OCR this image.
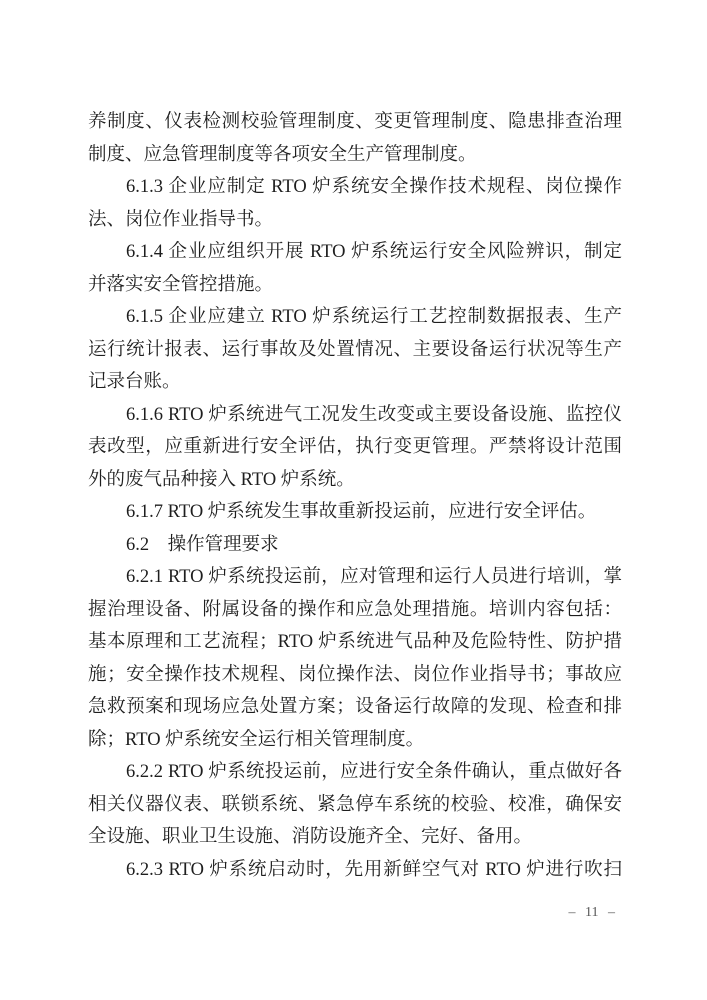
养制度、仪表检测校验管理制度、变更管理制度、隐患排查治理
制度、应急管理制度等各项安全生产管理制度。
6.1.3 企业应制定 RTO 炉系统安全操作技术规程、岗位操作
法、岗位作业指导书。
6.1.4 企业应组织开展 RTO 炉系统运行安全风险辨识，制定
并落实安全管控措施。
6.1.5 企业应建立 RTO 炉系统运行工艺控制数据报表、生产
运行统计报表、运行事故及处置情况、主要设备运行状况等生产
记录台账。
6.1.6 RTO 炉系统进气工况发生改变或主要设备设施、监控仪
表改型，应重新进行安全评估，执行变更管理。严禁将设计范围
外的废气品种接入 RTO 炉系统。
6.1.7 RTO 炉系统发生事故重新投运前，应进行安全评估。
6.2　操作管理要求
6.2.1 RTO 炉系统投运前，应对管理和运行人员进行培训，掌
握治理设备、附属设备的操作和应急处理措施。培训内容包括：
基本原理和工艺流程；RTO 炉系统进气品种及危险特性、防护措
施；安全操作技术规程、岗位操作法、岗位作业指导书；事故应
急救预案和现场应急处置方案；设备运行故障的发现、检查和排
除；RTO 炉系统安全运行相关管理制度。
6.2.2 RTO 炉系统投运前，应进行安全条件确认，重点做好各
相关仪器仪表、联锁系统、紧急停车系统的校验、校准，确保安
全设施、职业卫生设施、消防设施齐全、完好、备用。
6.2.3 RTO 炉系统启动时，先用新鲜空气对 RTO 炉进行吹扫
– 11 –
